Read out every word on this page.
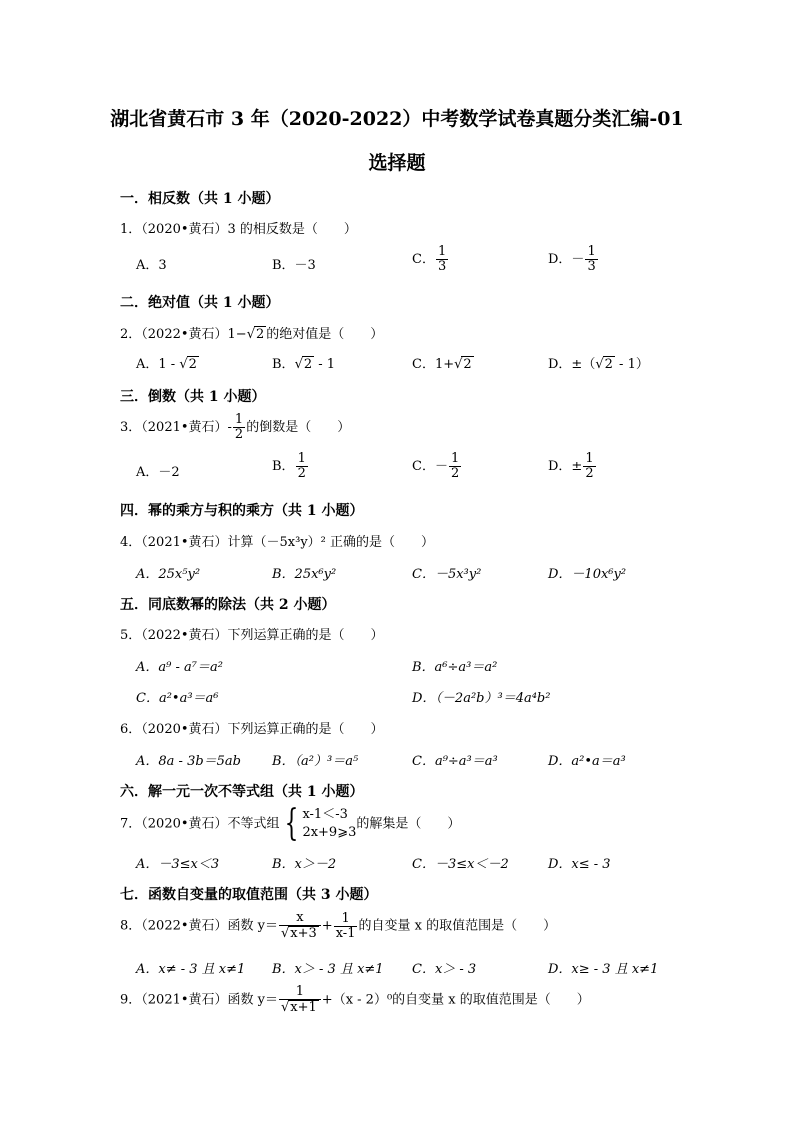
湖北省黄石市 3 年（2020-2022）中考数学试卷真题分类汇编-01
选择题
一．相反数（共 1 小题）
1．（2020•黄石）3 的相反数是（　　）
A．3	B．－3	C． $\frac{1}{3}$	D．－ $\frac{1}{3}$
二．绝对值（共 1 小题）
2．（2022•黄石）1−√2 的绝对值是（　　）
A．1 - √2	B．√2 - 1	C．1+√2	D．±（√2 - 1）
三．倒数（共 1 小题）
3．（2021•黄石）- $\frac{1}{2}$ 的倒数是（　　）
A．－2	B． $\frac{1}{2}$	C．－ $\frac{1}{2}$	D．± $\frac{1}{2}$
四．幂的乘方与积的乘方（共 1 小题）
4．（2021•黄石）计算（－5x³y）² 正确的是（　　）
A．25x⁵y²	B．25x⁶y²	C．－5x³y²	D．－10x⁶y²
五．同底数幂的除法（共 2 小题）
5．（2022•黄石）下列运算正确的是（　　）
A．a⁹ - a⁷＝a²	B．a⁶÷a³＝a²
C．a²•a³＝a⁶	D．（－2a²b）³＝4a⁴b²
6．（2020•黄石）下列运算正确的是（　　）
A．8a - 3b＝5ab B．（a²）³＝a⁵	C．a⁹÷a³＝a³	D．a²•a＝a³
六．解一元一次不等式组（共 1 小题）
7．（2020•黄石）不等式组 { x-1＜-3
2x+9⩾3
的解集是（　　）
A．－3≤x＜3	B．x＞－2	C．－3≤x＜－2	D．x≤ - 3
七．函数自变量的取值范围（共 3 小题）
8．（2022•黄石）函数 $y= \frac{x}{√x+3} + \frac{1}{x-1}$ 的自变量 x 的取值范围是（　　）
A．x≠ - 3 且 x≠1 B．x＞ - 3 且 x≠1 C．x＞ - 3	D．x≥ - 3 且 x≠1
9．（2021•黄石）函数 $y= \frac{1}{√x+1} +(x - 2)^0$的自变量 x 的取值范围是（　　）
